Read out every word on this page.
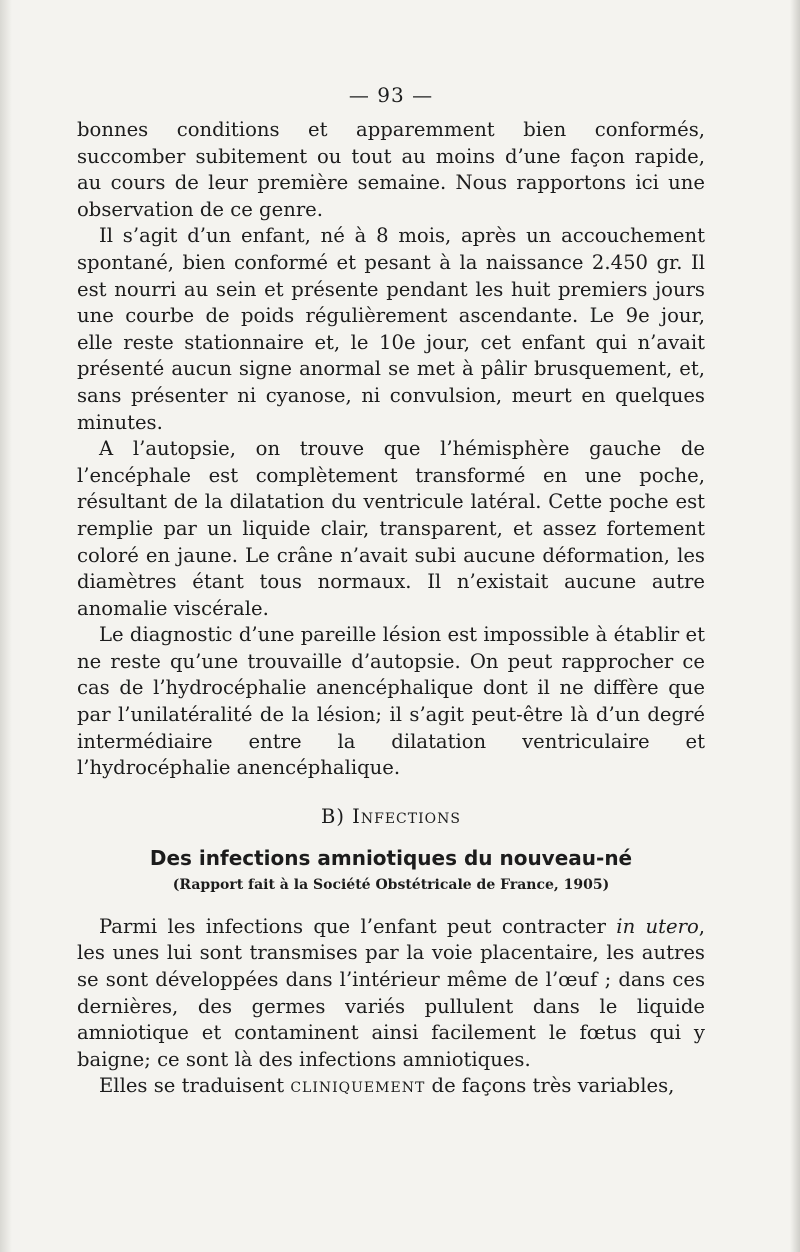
— 93 —

bonnes conditions et apparemment bien conformés, succomber subitement ou tout au moins d’une façon rapide, au cours de leur première semaine. Nous rapportons ici une observation de ce genre.

Il s’agit d’un enfant, né à 8 mois, après un accouchement spontané, bien conformé et pesant à la naissance 2.450 gr. Il est nourri au sein et présente pendant les huit premiers jours une courbe de poids régulièrement ascendante. Le 9e jour, elle reste stationnaire et, le 10e jour, cet enfant qui n’avait présenté aucun signe anormal se met à pâlir brusquement, et, sans présenter ni cyanose, ni convulsion, meurt en quelques minutes.

A l’autopsie, on trouve que l’hémisphère gauche de l’encéphale est complètement transformé en une poche, résultant de la dilatation du ventricule latéral. Cette poche est remplie par un liquide clair, transparent, et assez fortement coloré en jaune. Le crâne n’avait subi aucune déformation, les diamètres étant tous normaux. Il n’existait aucune autre anomalie viscérale.

Le diagnostic d’une pareille lésion est impossible à établir et ne reste qu’une trouvaille d’autopsie. On peut rapprocher ce cas de l’hydrocéphalie anencéphalique dont il ne diffère que par l’unilatéralité de la lésion; il s’agit peut-être là d’un degré intermédiaire entre la dilatation ventriculaire et l’hydrocéphalie anencéphalique.

B) Infections
Des infections amniotiques du nouveau-né
(Rapport fait à la Société Obstétricale de France, 1905)

Parmi les infections que l’enfant peut contracter in utero, les unes lui sont transmises par la voie placentaire, les autres se sont développées dans l’intérieur même de l’œuf ; dans ces dernières, des germes variés pullulent dans le liquide amniotique et contaminent ainsi facilement le fœtus qui y baigne; ce sont là des infections amniotiques.

Elles se traduisent cliniquement de façons très variables,
